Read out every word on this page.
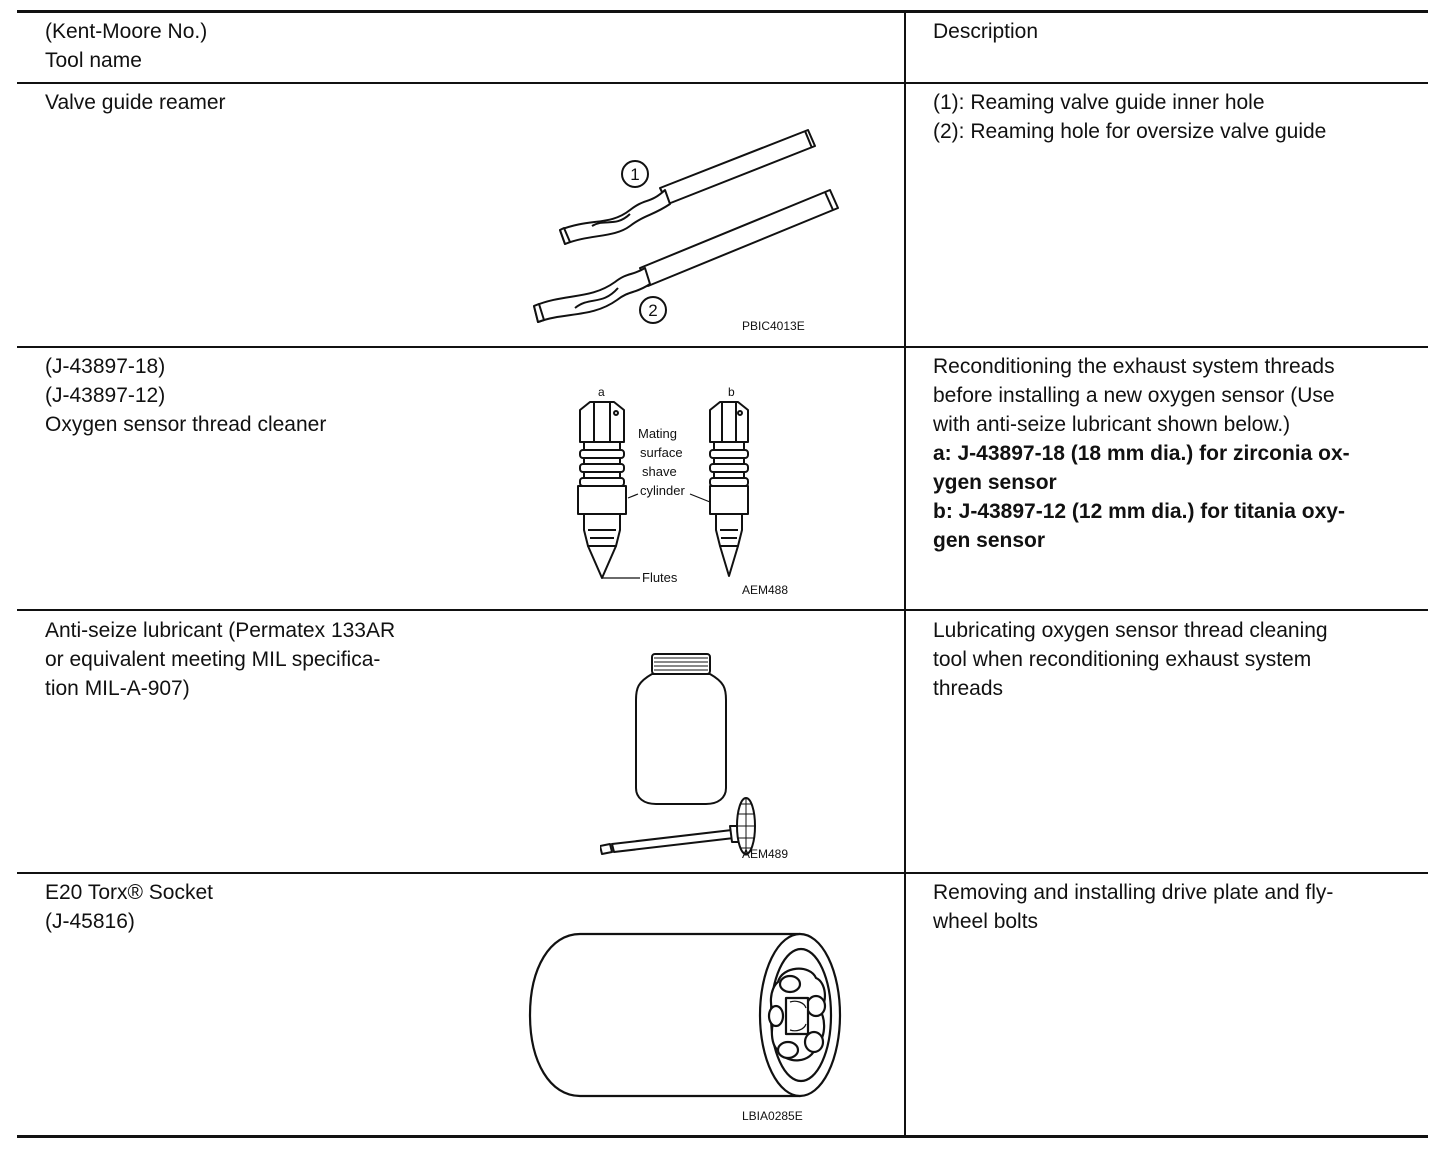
(Kent-Moore No.)
Tool name
Description
Valve guide reamer	(1): Reaming valve guide inner hole
(2): Reaming hole for oversize valve guide
1
2
PBIC4013E
(J-43897-18)
(J-43897-12)
Oxygen sensor thread cleaner
Reconditioning the exhaust system threads
before installing a new oxygen sensor (Use
with anti-seize lubricant shown below.)
a: J-43897-18 (18 mm dia.) for zirconia ox-
ygen sensor
b: J-43897-12 (12 mm dia.) for titania oxy-
gen sensor
a	b
Mating
surface
shave
cylinder
Flutes
AEM488
Anti-seize lubricant (Permatex 133AR
or equivalent meeting MIL specifica-
tion MIL-A-907)
Lubricating oxygen sensor thread cleaning
tool when reconditioning exhaust system
threads
AEM489
E20 Torx® Socket
(J-45816)
Removing and installing drive plate and fly-
wheel bolts
LBIA0285E
